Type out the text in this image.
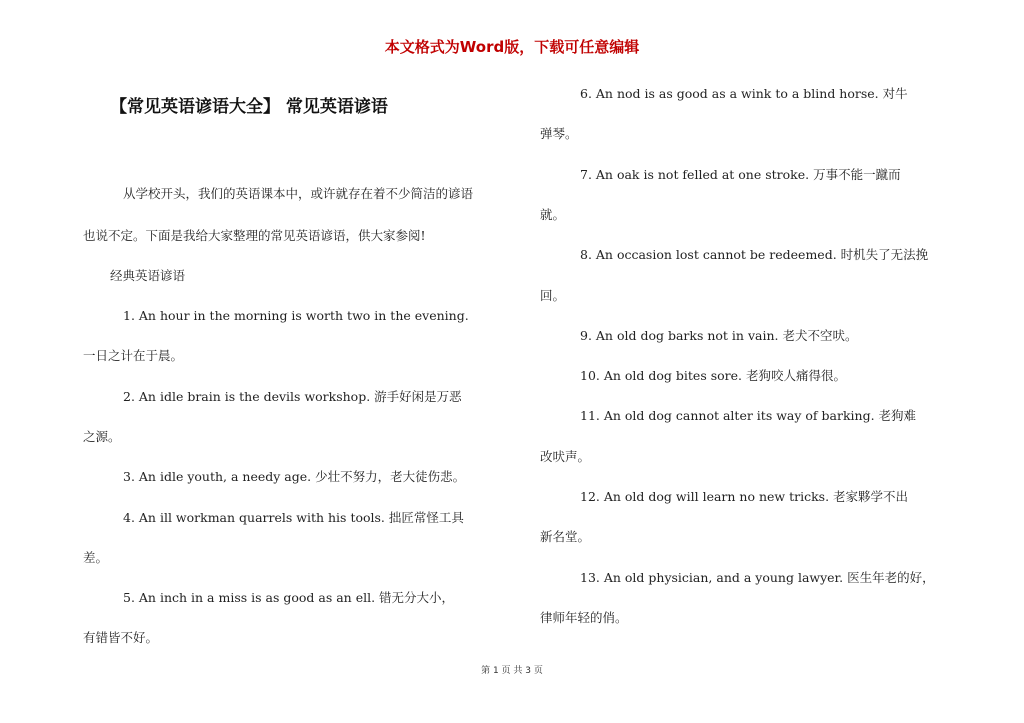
本文格式为Word版，下载可任意编辑
【常见英语谚语大全】 常见英语谚语
从学校开头，我们的英语课本中，或许就存在着不少简洁的谚语
也说不定。下面是我给大家整理的常见英语谚语，供大家参阅!
经典英语谚语
1. An hour in the morning is worth two in the evening.
一日之计在于晨。
2. An idle brain is the devils workshop. 游手好闲是万恶
之源。
3. An idle youth, a needy age. 少壮不努力，老大徒伤悲。
4. An ill workman quarrels with his tools. 拙匠常怪工具
差。
5. An inch in a miss is as good as an ell. 错无分大小，
有错皆不好。
6. An nod is as good as a wink to a blind horse. 对牛
弹琴。
7. An oak is not felled at one stroke. 万事不能一蹴而
就。
8. An occasion lost cannot be redeemed. 时机失了无法挽
回。
9. An old dog barks not in vain. 老犬不空吠。
10. An old dog bites sore. 老狗咬人痛得很。
11. An old dog cannot alter its way of barking. 老狗难
改吠声。
12. An old dog will learn no new tricks. 老家夥学不出
新名堂。
13. An old physician, and a young lawyer. 医生年老的好，
律师年轻的俏。
第 1 页 共 3 页
